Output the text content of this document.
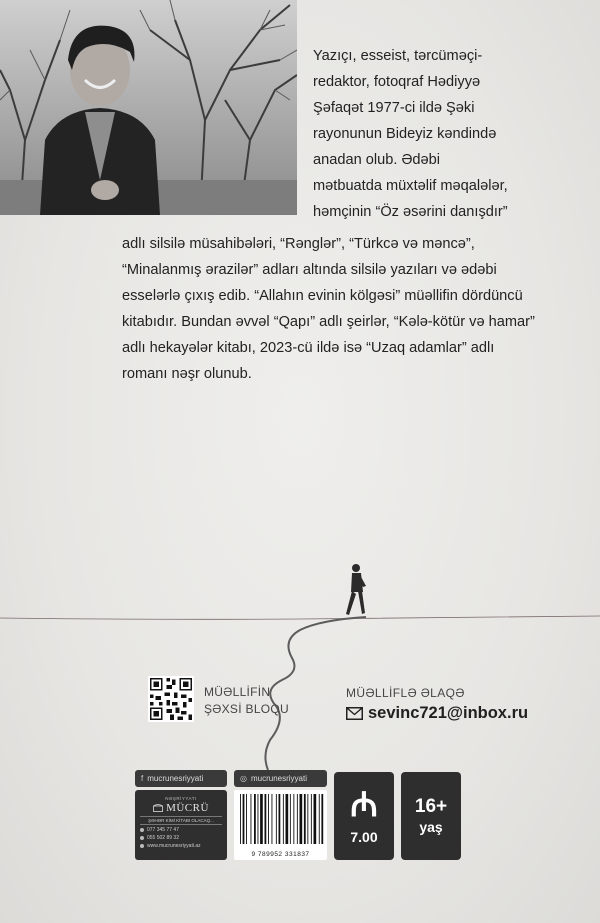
Yazıçı, esseist, tərcüməçi-
redaktor, fotoqraf Hədiyyə
Şəfaqət 1977-ci ildə Şəki
rayonunun Bideyiz kəndində
anadan olub. Ədəbi
mətbuatda müxtəlif məqalələr,
həmçinin “Öz əsərini danışdır”
adlı silsilə müsahibələri, “Rənglər”, “Türkcə və məncə”,
“Minalanmış ərazilər” adları altında silsilə yazıları və ədəbi
esselərlə çıxış edib. “Allahın evinin kölgəsi” müəllifin dördüncü
kitabıdır. Bundan əvvəl “Qapı” adlı şeirlər, “Kələ-kötür və hamar”
adlı hekayələr kitabı, 2023-cü ildə isə “Uzaq adamlar” adlı
romanı nəşr olunub.
MÜƏLLİFİN
ŞƏXSİ BLOQU
MÜƏLLİFLƏ ƏLAQƏ
sevinc721@inbox.ru
f mucrunesriyyati	◎ mucrunesriyyati
NƏŞRİYYATI
MÜCRÜ
ŞƏHƏR KİMİ KİTABI OLACAQ...
077 345 77 47
055 502 89 32
www.mucrunesriyyati.az
9 789952 331837
₼
7.00
16+
yaş
